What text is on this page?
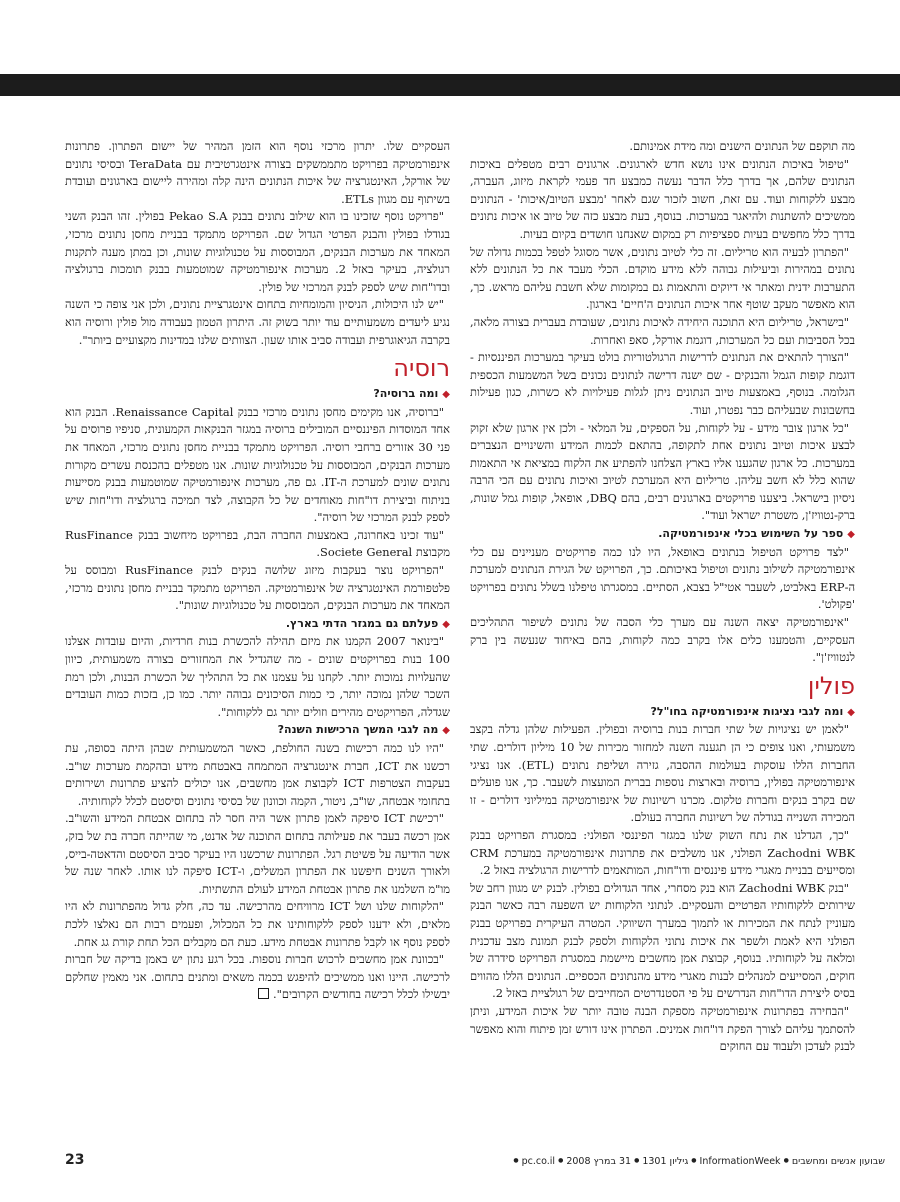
מה תוקפם של הנתונים הישנים ומה מידת אמינותם.

"טיפול באיכות הנתונים אינו נושא חדש לארגונים. ארגונים רבים מטפלים באיכות הנתונים שלהם, אך בדרך כלל הדבר נעשה כמבצע חד פעמי לקראת מיזוג, העברה, מבצע ללקוחות ועוד. עם זאת, חשוב לזכור שגם לאחר 'מבצע הטיוב/איכות' - הנתונים ממשיכים להשתנות ולהיאגר במערכות. בנוסף, בעת מבצע כזה של טיוב או איכות נתונים בדרך כלל מחפשים בעיות ספציפיות רק במקום שאנחנו חושדים בקיום בעיות.

"הפתרון לבעיה הוא טריליום. זה כלי לטיוב נתונים, אשר מסוגל לטפל בכמות גדולה של נתונים במהירות וביעילות גבוהה ללא מידע מוקדם. הכלי מעבד את כל הנתונים ללא התערבות ידנית ומאתר אי דיוקים והתאמות גם במקומות שלא חשבת עליהם מראש. כך, הוא מאפשר מעקב שוטף אחר איכות הנתונים ה'חיים' בארגון.

"בישראל, טריליום היא התוכנה היחידה לאיכות נתונים, שעובדת בעברית בצורה מלאה, בכל הסביבות ועם כל המערכות, דוגמת אורקל, סאפ ואחרות.

"הצורך להתאים את הנתונים לדרישות הרגולטוריות בולט בעיקר במערכות הפיננסיות - דוגמת קופות הגמל והבנקים - שם ישנה דרישה לנתונים נכונים בשל המשמעות הכספית הגלומה. בנוסף, באמצעות טיוב הנתונים ניתן לגלות פעילויות לא כשרות, כגון פעילות בחשבונות שבעליהם כבר נפטרו, ועוד.

"כל ארגון צובר מידע - על לקוחות, על הספקים, על המלאי - ולכן אין ארגון שלא זקוק לבצע איכות וטיוב נתונים אחת לתקופה, בהתאם לכמות המידע והשינויים הנצברים במערכות. כל ארגון שהגענו אליו בארץ הצלחנו להפתיע את הלקוח במציאת אי התאמות שהוא כלל לא חשב עליהן. טריליום היא המערכת לטיוב ואיכות נתונים עם הכי הרבה ניסיון בישראל. ביצענו פרויקטים בארגונים רבים, בהם DBQ, אופאל, קופות גמל שונות, ברק-נטוויז'ן, משטרת ישראל ועוד".

◆ספר על השימוש בכלי אינפורמטיקה.

"לצד פרויקט הטיפול בנתונים באופאל, היו לנו כמה פרויקטים מעניינים עם כלי אינפורמטיקה לשילוב נתונים וטיפול באיכותם. כך, הפרויקט של הגירת הנתונים למערכת ה-ERP באלביט, לשעבר אטי"ל בצבא, הסתיים. במסגרתו טיפלנו בשלל נתונים בפרויקט 'פקולט'.

"אינפורמטיקה יצאה השנה עם מערך כלי הסבה של נתונים לשיפור התהליכים העסקיים, והטמענו כלים אלו בקרב כמה לקוחות, בהם באיחוד שנעשה בין ברק לנטוויז'ן".

פולין

◆ומה לגבי נציגות אינפורמטיקה בחו"ל?

"לאמן יש נציגויות של שתי חברות בנות ברוסיה ובפולין. הפעילות שלהן גדלה בקצב משמעותי, ואנו צופים כי הן תגענה השנה למחזור מכירות של 10 מיליון דולרים. שתי החברות הללו עוסקות בעולמות ההסבה, גזירה ושליפת נתונים (ETL). אנו נציגי אינפורמטיקה בפולין, ברוסיה ובארצות נוספות בברית המועצות לשעבר. כך, אנו פועלים שם בקרב בנקים וחברות טלקום. מכרנו רשיונות של אינפורמטיקה במיליוני דולרים - זו המכירה השנייה בגודלה של רשיונות החברה בעולם.

"כך, הגדלנו את נתח השוק שלנו במגזר הפיננסי הפולני: במסגרת הפרויקט בבנק Zachodni WBK הפולני, אנו משלבים את פתרונות אינפורמטיקה במערכת CRM ומסייעים בבניית מאגרי מידע פיננסים ודו"חות, המותאמים לדרישות הרגולציה באזל 2.

"בנק Zachodni WBK הוא בנק מסחרי, אחד הגדולים בפולין. לבנק יש מגוון רחב של שירותים ללקוחותיו הפרטיים והעסקיים. לנתוני הלקוחות יש השפעה רבה כאשר הבנק מעוניין לנתח את המכירות או לתמוך במערך השיווקי. המטרה העיקרית בפרויקט בבנק הפולני היא לאמת ולשפר את איכות נתוני הלקוחות ולספק לבנק תמונת מצב עדכנית ומלאה על לקוחותיו. בנוסף, קבוצת אמן מחשבים מיישמת במסגרת הפרויקט סידרה של חוקים, המסייעים למנהלים לבנות מאגרי מידע מהנתונים הכספיים. הנתונים הללו מהווים בסיס ליצירת הדו"חות הנדרשים על פי הסטנדרטים המחייבים של רגולציית באזל 2.

"הבחירה בפתרונות אינפורמטיקה מספקת הבנה טובה יותר של איכות המידע, וניתן להסתמך עליהם לצורך הפקת דו"חות אמינים. הפתרון אינו דורש זמן פיתוח והוא מאפשר לבנק לעדכן ולעבוד עם החוקים

העסקיים שלו. יתרון מרכזי נוסף הוא הזמן המהיר של יישום הפתרון. פתרונות אינפורמטיקה בפרויקט מתממשקים בצורה אינטגרטיבית עם TeraData ובסיסי נתונים של אורקל, האינטגרציה של איכות הנתונים הינה קלה ומהירה ליישום בארגונים ועובדת בשיתוף עם מגוון ETLs.

"פרויקט נוסף שזכינו בו הוא שילוב נתונים בבנק Pekao S.A בפולין. זהו הבנק השני בגודלו בפולין והבנק הפרטי הגדול שם. הפרויקט מתמקד בבניית מחסן נתונים מרכזי, המאחד את מערכות הבנקים, המבוססות על טכנולוגיות שונות, וכן במתן מענה לתקנות רגולציה, בעיקר באזל 2. מערכות אינפורמטיקה שמוטמעות בבנק תומכות ברגולציה ובדו"חות שיש לספק לבנק המרכזי של פולין.

"יש לנו היכולות, הניסיון והמומחיות בתחום אינטגרציית נתונים, ולכן אני צופה כי השנה נגיע ליעדים משמעותיים עוד יותר בשוק זה. היתרון הטמון בעבודה מול פולין ורוסיה הוא בקרבה הגיאוגרפית ועבודה סביב אותו שעון. הצוותים שלנו במדינות מקצועיים ביותר".

רוסיה

◆ומה ברוסיה?

"ברוסיה, אנו מקימים מחסן נתונים מרכזי בבנק Renaissance Capital. הבנק הוא אחד המוסדות הפיננסיים המובילים ברוסיה במגזר הבנקאות הקמעונית, סניפיו פרוסים על פני 30 אזורים ברחבי רוסיה. הפרויקט מתמקד בבניית מחסן נתונים מרכזי, המאחד את מערכות הבנקים, המבוססות על טכנולוגיות שונות. אנו מטפלים בהכנסת עשרים מקורות נתונים שונים למערכת ה-IT. גם פה, מערכות אינפורמטיקה שמוטמעות בבנק מסייעות בניתוח וביצירת דו"חות מאוחדים של כל הקבוצה, לצד תמיכה ברגולציה ודו"חות שיש לספק לבנק המרכזי של רוסיה".

"עוד זכינו באחרונה, באמצעות החברה הבת, בפרויקט מיחשוב בבנק RusFinance מקבוצת Societe General.

"הפרויקט נוצר בעקבות מיזוג שלושה בנקים לבנק RusFinance ומבוסס על פלטפורמת האינטגרציה של אינפורמטיקה. הפרויקט מתמקד בבניית מחסן נתונים מרכזי, המאחד את מערכות הבנקים, המבוססות על טכנולוגיות שונות".

◆פעלתם גם במגזר הדתי בארץ.

"בינואר 2007 הקמנו את מיזם תהילה להכשרת בנות חרדיות, והיום עובדות אצלנו 100 בנות בפרויקטים שונים - מה שהגדיל את המחזורים בצורה משמעותית, כיוון שהעלויות נמוכות יותר. לקחנו על עצמנו את כל התהליך של הכשרת הבנות, ולכן רמת השכר שלהן נמוכה יותר, כי כמות הסיכונים גבוהה יותר. כמו כן, בזכות כמות העובדים שגדלה, הפרויקטים מהירים וזולים יותר גם ללקוחות".

◆מה לגבי המשך הרכישות השנה?

"היו לנו כמה רכישות בשנה החולפת, כאשר המשמעותית שבהן היתה בסופה, עת רכשנו את ICT, חברת אינטגרציה המתמחה באבטחת מידע ובהקמת מערכות שו"ב. בעקבות הצטרפות ICT לקבוצת אמן מחשבים, אנו יכולים להציע פתרונות ושירותים בתחומי אבטחה, שו"ב, ניטור, הקמה וכוונון של בסיסי נתונים וסיסטם לכלל לקוחותיה.

"רכישת ICT סיפקה לאמן פתרון אשר היה חסר לה בתחום אבטחת המידע והשו"ב. אמן רכשה בעבר את פעילותה בתחום התוכנה של אדנט, מי שהייתה חברה בת של בזק, אשר הודיעה על פשיטת רגל. הפתרונות שרכשנו היו בעיקר סביב הסיסטם והדאטה-בייס, ולאורך השנים חיפשנו את הפתרון המשלים, ו-ICT סיפקה לנו אותו. לאחר שנה של מו"מ השלמנו את פתרון אבטחת המידע לעולם התשתיות.

"הלקוחות שלנו ושל ICT מרוויחים מהרכישה. עד כה, חלק גדול מהפתרונות לא היו מלאים, ולא ידענו לספק ללקוחותינו את כל המכלול, ופעמים רבות הם נאלצו ללכת לספק נוסף או לקבל פתרונות אבטחת מידע. כעת הם מקבלים הכל תחת קורת גג אחת.

"בכוונת אמן מחשבים לרכוש חברות נוספות. בכל רגע נתון יש באמן בדיקה של חברות לרכישה. היינו ואנו ממשיכים להיפגש בכמה משאים ומתנים בתחום. אני מאמין שחלקם יבשילו לכלל רכישה בחודשים הקרובים".

23	שבועון אנשים ומחשבים●InformationWeek●גיליון 1301●31 במרץ 2008●pc.co.il●
